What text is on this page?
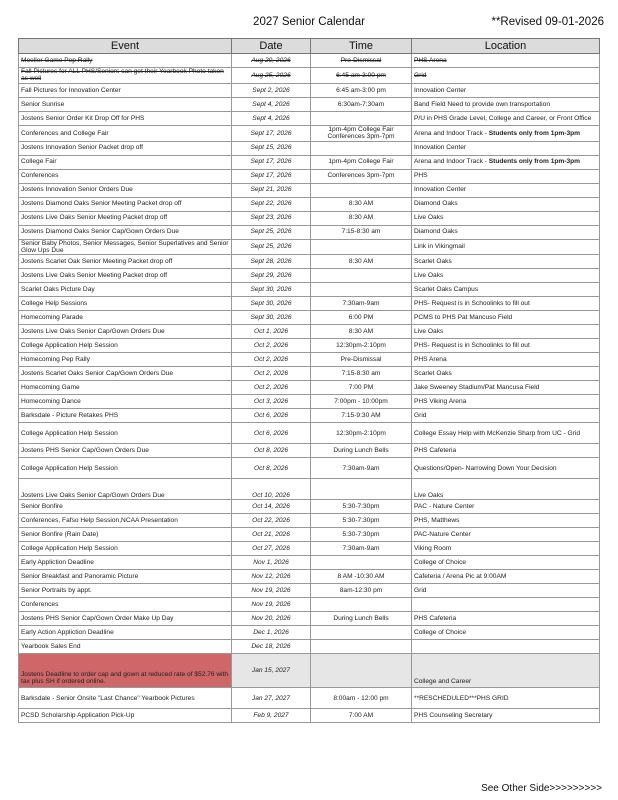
2027 Senior Calendar	**Revised 09-01-2026
Event	Date	Time	Location
Moeller Game Pep Rally	Aug 20, 2026	Pre-Dismissal	PHS Arena
Fall Pictures for ALL PHS/Seniors can get their Yearbook Photo taken as well	Aug 25, 2026	6:45 am-3:00 pm	Grid
Fall Pictures for Innovation Center	Sept 2, 2026	6:45 am-3:00 pm	Innovation Center
Senior Sunrise	Sept 4, 2026	6:30am-7:30am	Band Field Need to provide own transportation
Jostens Senior Order Kit Drop Off for PHS	Sept 4, 2026		P/U in PHS Grade Level, College and Career, or Front Office
Conferences and College Fair	Sept 17, 2026	1pm-4pm College Fair Conferences 3pm-7pm	Arena and Indoor Track - Students only from 1pm-3pm
Jostens Innovation Senior Packet drop off	Sept 15, 2026		Innovation Center
College Fair	Sept 17, 2026	1pm-4pm College Fair	Arena and Indoor Track - Students only from 1pm-3pm
Conferences	Sept 17, 2026	Conferences 3pm-7pm	PHS
Jostens Innovation Senior Orders Due	Sept 21, 2026		Innovation Center
Jostens Diamond Oaks Senior Meeting Packet drop off	Sept 22, 2026	8:30 AM	Diamond Oaks
Jostens Live Oaks Senior Meeting Packet drop off	Sept 23, 2026	8:30 AM	Live Oaks
Jostens Diamond Oaks Senior Cap/Gown Orders Due	Sept 25, 2026	7:15-8:30 am	Diamond Oaks
Senior Baby Photos, Senior Messages, Senior Superlatives and Senior Glow Ups Due	Sept 25, 2026		Link in Vikingmail
Jostens Scarlet Oak Senior Meeting Packet drop off	Sept 28, 2026	8:30 AM	Scarlet Oaks
Jostens Live Oaks Senior Meeting Packet drop off	Sept 29, 2026		Live Oaks
Scarlet Oaks Picture Day	Sept 30, 2026		Scarlet Oaks Campus
College Help Sessions	Sept 30, 2026	7:30am-9am	PHS- Request is in Schoolinks to fill out
Homecoming Parade	Sept 30, 2026	6:00 PM	PCMS to PHS Pat Mancuso Field
Jostens Live Oaks Senior Cap/Gown Orders Due	Oct 1, 2026	8:30 AM	Live Oaks
College Application Help Session	Oct 2, 2026	12:30pm-2:10pm	PHS- Request is in Schoolinks to fill out
Homecoming Pep Rally	Oct 2, 2026	Pre-Dismissal	PHS Arena
Jostens Scarlet Oaks Senior Cap/Gown Orders Due	Oct 2, 2026	7:15-8:30 am	Scarlet Oaks
Homecoming Game	Oct 2, 2026	7:00 PM	Jake Sweeney Stadium/Pat Mancusa Field
Homecoming Dance	Oct 3, 2026	7:00pm - 10:00pm	PHS Viking Arena
Barksdale - Picture Retakes PHS	Oct 6, 2026	7:15-9:30 AM	Grid
College Application Help Session	Oct 6, 2026	12:30pm-2:10pm	College Essay Help with McKenzie Sharp from UC - Grid
Jostens PHS Senior Cap/Gown Orders Due	Oct 8, 2026	During Lunch Bells	PHS Cafeteria
College Application Help Session	Oct 8, 2026	7:30am-9am	Questions/Open- Narrowing Down Your Decision
Jostens Live Oaks Senior Cap/Gown Orders Due	Oct 10, 2026		Live Oaks
Senior Bonfire	Oct 14, 2026	5:30-7:30pm	PAC - Nature Center
Conferences, Fafso Help Session,NCAA Presentation	Oct 22, 2026	5:30-7:30pm	PHS, Matthews
Senior Bonfire (Rain Date)	Oct 21, 2026	5:30-7:30pm	PAC-Nature Center
College Application Help Session	Oct 27, 2026	7:30am-9am	Viking Room
Early Appliction Deadline	Nov 1, 2026		College of Choice
Senior Breakfast and Panoramic Picture	Nov 12, 2026	8 AM -10:30 AM	Cafeteria / Arena Pic at 9:00AM
Senior Portraits by appt.	Nov 19, 2026	8am-12:30 pm	Grid
Conferences	Nov 19, 2026		
Jostens PHS Senior Cap/Gown Order Make Up Day	Nov 20, 2026	During Lunch Bells	PHS Cafeteria
Early Action Appliction Deadline	Dec 1, 2026		College of Choice
Yearbook Sales End	Dec 18, 2026		
Jostens Deadline to order cap and gown at reduced rate of $52.76 with tax plus SH if ordered online.	Jan 15, 2027		College and Career
Barksdale - Senior Onsite "Last Chance" Yearbook Pictures	Jan 27, 2027	8:00am - 12:00 pm	**RESCHEDULED***PHS GRID
PCSD Scholarship Application Pick-Up	Feb 9, 2027	7:00 AM	PHS Counseling Secretary
See Other Side>>>>>>>>>
